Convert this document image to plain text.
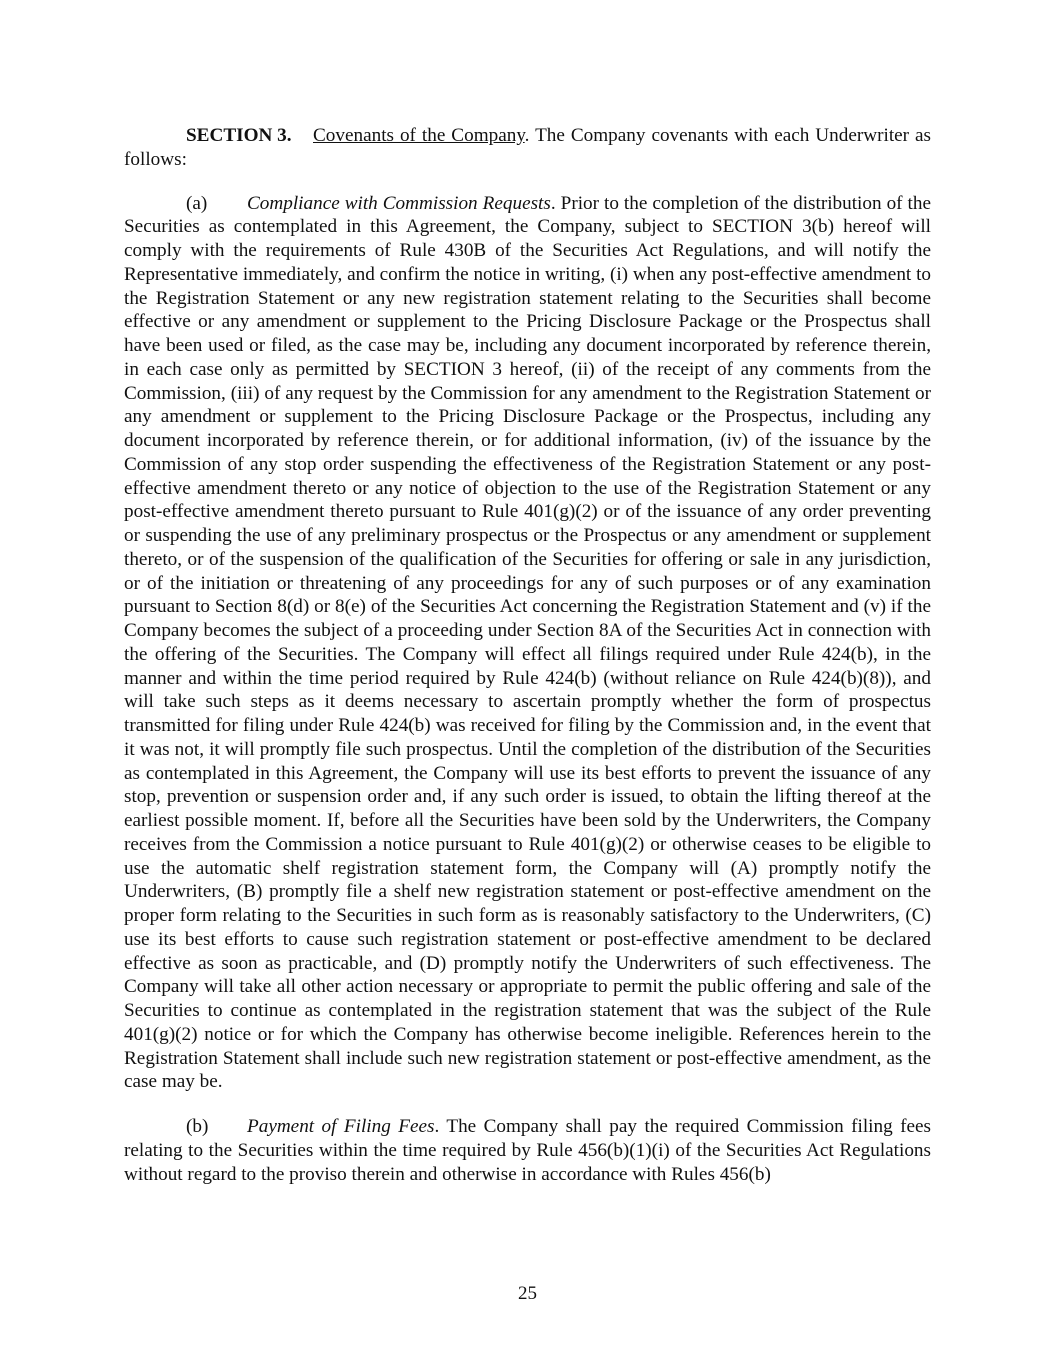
SECTION 3. Covenants of the Company. The Company covenants with each Underwriter as follows:

(a) Compliance with Commission Requests. Prior to the completion of the distribution of the Securities as contemplated in this Agreement, the Company, subject to SECTION 3(b) hereof will comply with the requirements of Rule 430B of the Securities Act Regulations, and will notify the Representative immediately, and confirm the notice in writing, (i) when any post-effective amendment to the Registration Statement or any new registration statement relating to the Securities shall become effective or any amendment or supplement to the Pricing Disclosure Package or the Prospectus shall have been used or filed, as the case may be, including any document incorporated by reference therein, in each case only as permitted by SECTION 3 hereof, (ii) of the receipt of any comments from the Commission, (iii) of any request by the Commission for any amendment to the Registration Statement or any amendment or supplement to the Pricing Disclosure Package or the Prospectus, including any document incorporated by reference therein, or for additional information, (iv) of the issuance by the Commission of any stop order suspending the effectiveness of the Registration Statement or any post-effective amendment thereto or any notice of objection to the use of the Registration Statement or any post-effective amendment thereto pursuant to Rule 401(g)(2) or of the issuance of any order preventing or suspending the use of any preliminary prospectus or the Prospectus or any amendment or supplement thereto, or of the suspension of the qualification of the Securities for offering or sale in any jurisdiction, or of the initiation or threatening of any proceedings for any of such purposes or of any examination pursuant to Section 8(d) or 8(e) of the Securities Act concerning the Registration Statement and (v) if the Company becomes the subject of a proceeding under Section 8A of the Securities Act in connection with the offering of the Securities. The Company will effect all filings required under Rule 424(b), in the manner and within the time period required by Rule 424(b) (without reliance on Rule 424(b)(8)), and will take such steps as it deems necessary to ascertain promptly whether the form of prospectus transmitted for filing under Rule 424(b) was received for filing by the Commission and, in the event that it was not, it will promptly file such prospectus. Until the completion of the distribution of the Securities as contemplated in this Agreement, the Company will use its best efforts to prevent the issuance of any stop, prevention or suspension order and, if any such order is issued, to obtain the lifting thereof at the earliest possible moment. If, before all the Securities have been sold by the Underwriters, the Company receives from the Commission a notice pursuant to Rule 401(g)(2) or otherwise ceases to be eligible to use the automatic shelf registration statement form, the Company will (A) promptly notify the Underwriters, (B) promptly file a shelf new registration statement or post-effective amendment on the proper form relating to the Securities in such form as is reasonably satisfactory to the Underwriters, (C) use its best efforts to cause such registration statement or post-effective amendment to be declared effective as soon as practicable, and (D) promptly notify the Underwriters of such effectiveness. The Company will take all other action necessary or appropriate to permit the public offering and sale of the Securities to continue as contemplated in the registration statement that was the subject of the Rule 401(g)(2) notice or for which the Company has otherwise become ineligible. References herein to the Registration Statement shall include such new registration statement or post-effective amendment, as the case may be.

(b) Payment of Filing Fees. The Company shall pay the required Commission filing fees relating to the Securities within the time required by Rule 456(b)(1)(i) of the Securities Act Regulations without regard to the proviso therein and otherwise in accordance with Rules 456(b)

25
